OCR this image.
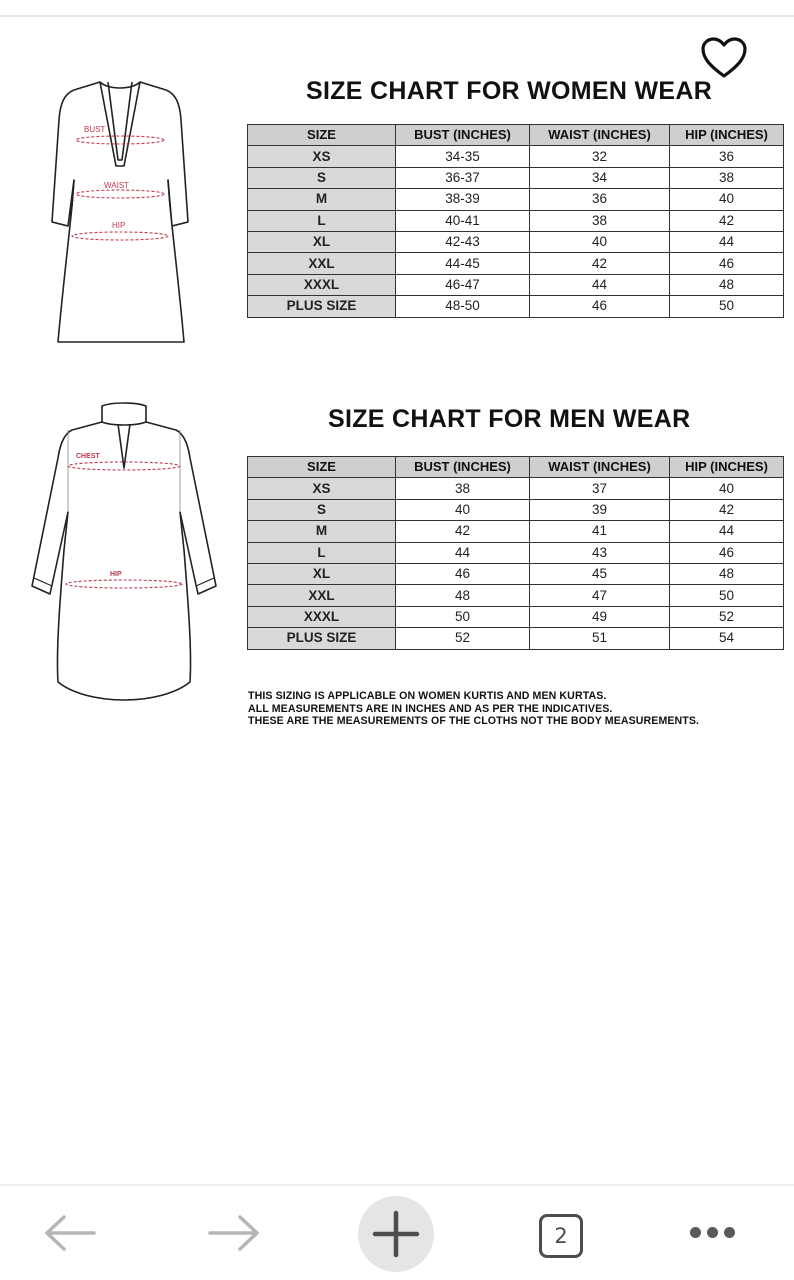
BUST
WAIST
HIP
SIZE CHART FOR WOMEN WEAR
SIZE	BUST (INCHES)	WAIST (INCHES)	HIP (INCHES)
XS	34-35	32	36
S	36-37	34	38
M	38-39	36	40
L	40-41	38	42
XL	42-43	40	44
XXL	44-45	42	46
XXXL	46-47	44	48
PLUS SIZE	48-50	46	50
CHEST
HIP
SIZE CHART FOR MEN WEAR
SIZE	BUST (INCHES)	WAIST (INCHES)	HIP (INCHES)
XS	38	37	40
S	40	39	42
M	42	41	44
L	44	43	46
XL	46	45	48
XXL	48	47	50
XXXL	50	49	52
PLUS SIZE	52	51	54
THIS SIZING IS APPLICABLE ON WOMEN KURTIS AND MEN KURTAS.
ALL MEASUREMENTS ARE IN INCHES AND AS PER THE INDICATIVES.
THESE ARE THE MEASUREMENTS OF THE CLOTHS NOT THE BODY MEASUREMENTS.
2
